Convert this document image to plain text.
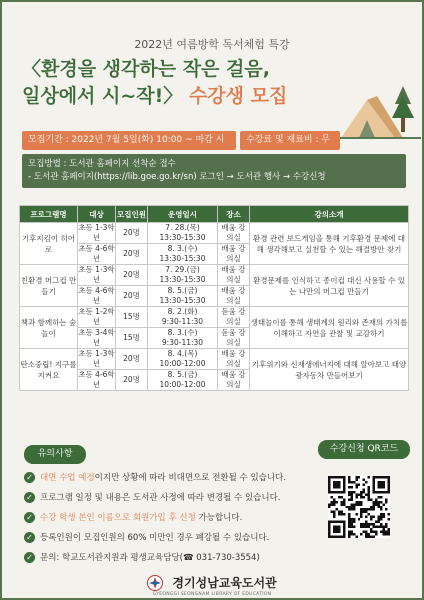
2022년 여름방학 독서체험 특강
〈환경을 생각하는 작은 걸음,
일상에서 시~작!〉 수강생 모집
모집기간 : 2022년 7월 5일(화) 10:00 ~ 마감 시	수강료 및 재료비 : 무
모집방법 : 도서관 홈페이지 선착순 접수
- 도서관 홈페이지(https://lib.goe.go.kr/sn) 로그인 → 도서관 행사 → 수강신청
프로그램명	대상	모집인원	운영일시	장소	강의소개
기후지킴이 히어로	초등 1-3학년	20명	7. 28.(목)
13:30-15:30	배움 강의실	환경 관련 보드게임을 통해 기후환경 문제에 대해 생각해보고 실천할 수 있는 해결방안 찾기
	초등 4-6학년	20명	8. 3.(수)
13:30-15:30	배움 강의실	
친환경 머그컵 만들기	초등 1-3학년	20명	7. 29.(금)
13:30-15:30	배움 강의실	환경문제를 인식하고 종이컵 대신 사용할 수 있는 나만의 머그컵 만들기
	초등 4-6학년	20명	8. 5.(금)
13:30-15:30	배움 강의실	
책과 함께하는 숲놀이	초등 1-2학년	15명	8. 2.(화)
9:30-11:30	돋움 강의실	생태놀이를 통해 생태계의 원리와 존재의 가치를 이해하고 자연을 관찰 및 교감하기
	초등 3-4학년	15명	8. 3.(수)
9:30-11:30	돋움 강의실	
탄소중립! 지구를 지켜요	초등 1-3학년	20명	8. 4.(목)
10:00-12:00	배움 강의실	기후위기와 신재생에너지에 대해 알아보고 태양광자동차 만들어보기
	초등 4-6학년	20명	8. 5.(금)
10:00-12:00	배움 강의실	
유의사항
✓ 대면 수업 예정이지만 상황에 따라 비대면으로 전환될 수 있습니다.
✓ 프로그램 일정 및 내용은 도서관 사정에 따라 변경될 수 있습니다.
✓ 수강 학생 본인 이름으로 회원가입 후 신청 가능합니다.
✓ 등록인원이 모집인원의 60% 미만인 경우 폐강될 수 있습니다.
✓ 문의: 학교도서관지원과 평생교육담당(☎ 031-730-3554)
수강신청 QR코드
경기성남교육도서관
GYEONGGI SEONGNAM LIBRARY OF EDUCATION
